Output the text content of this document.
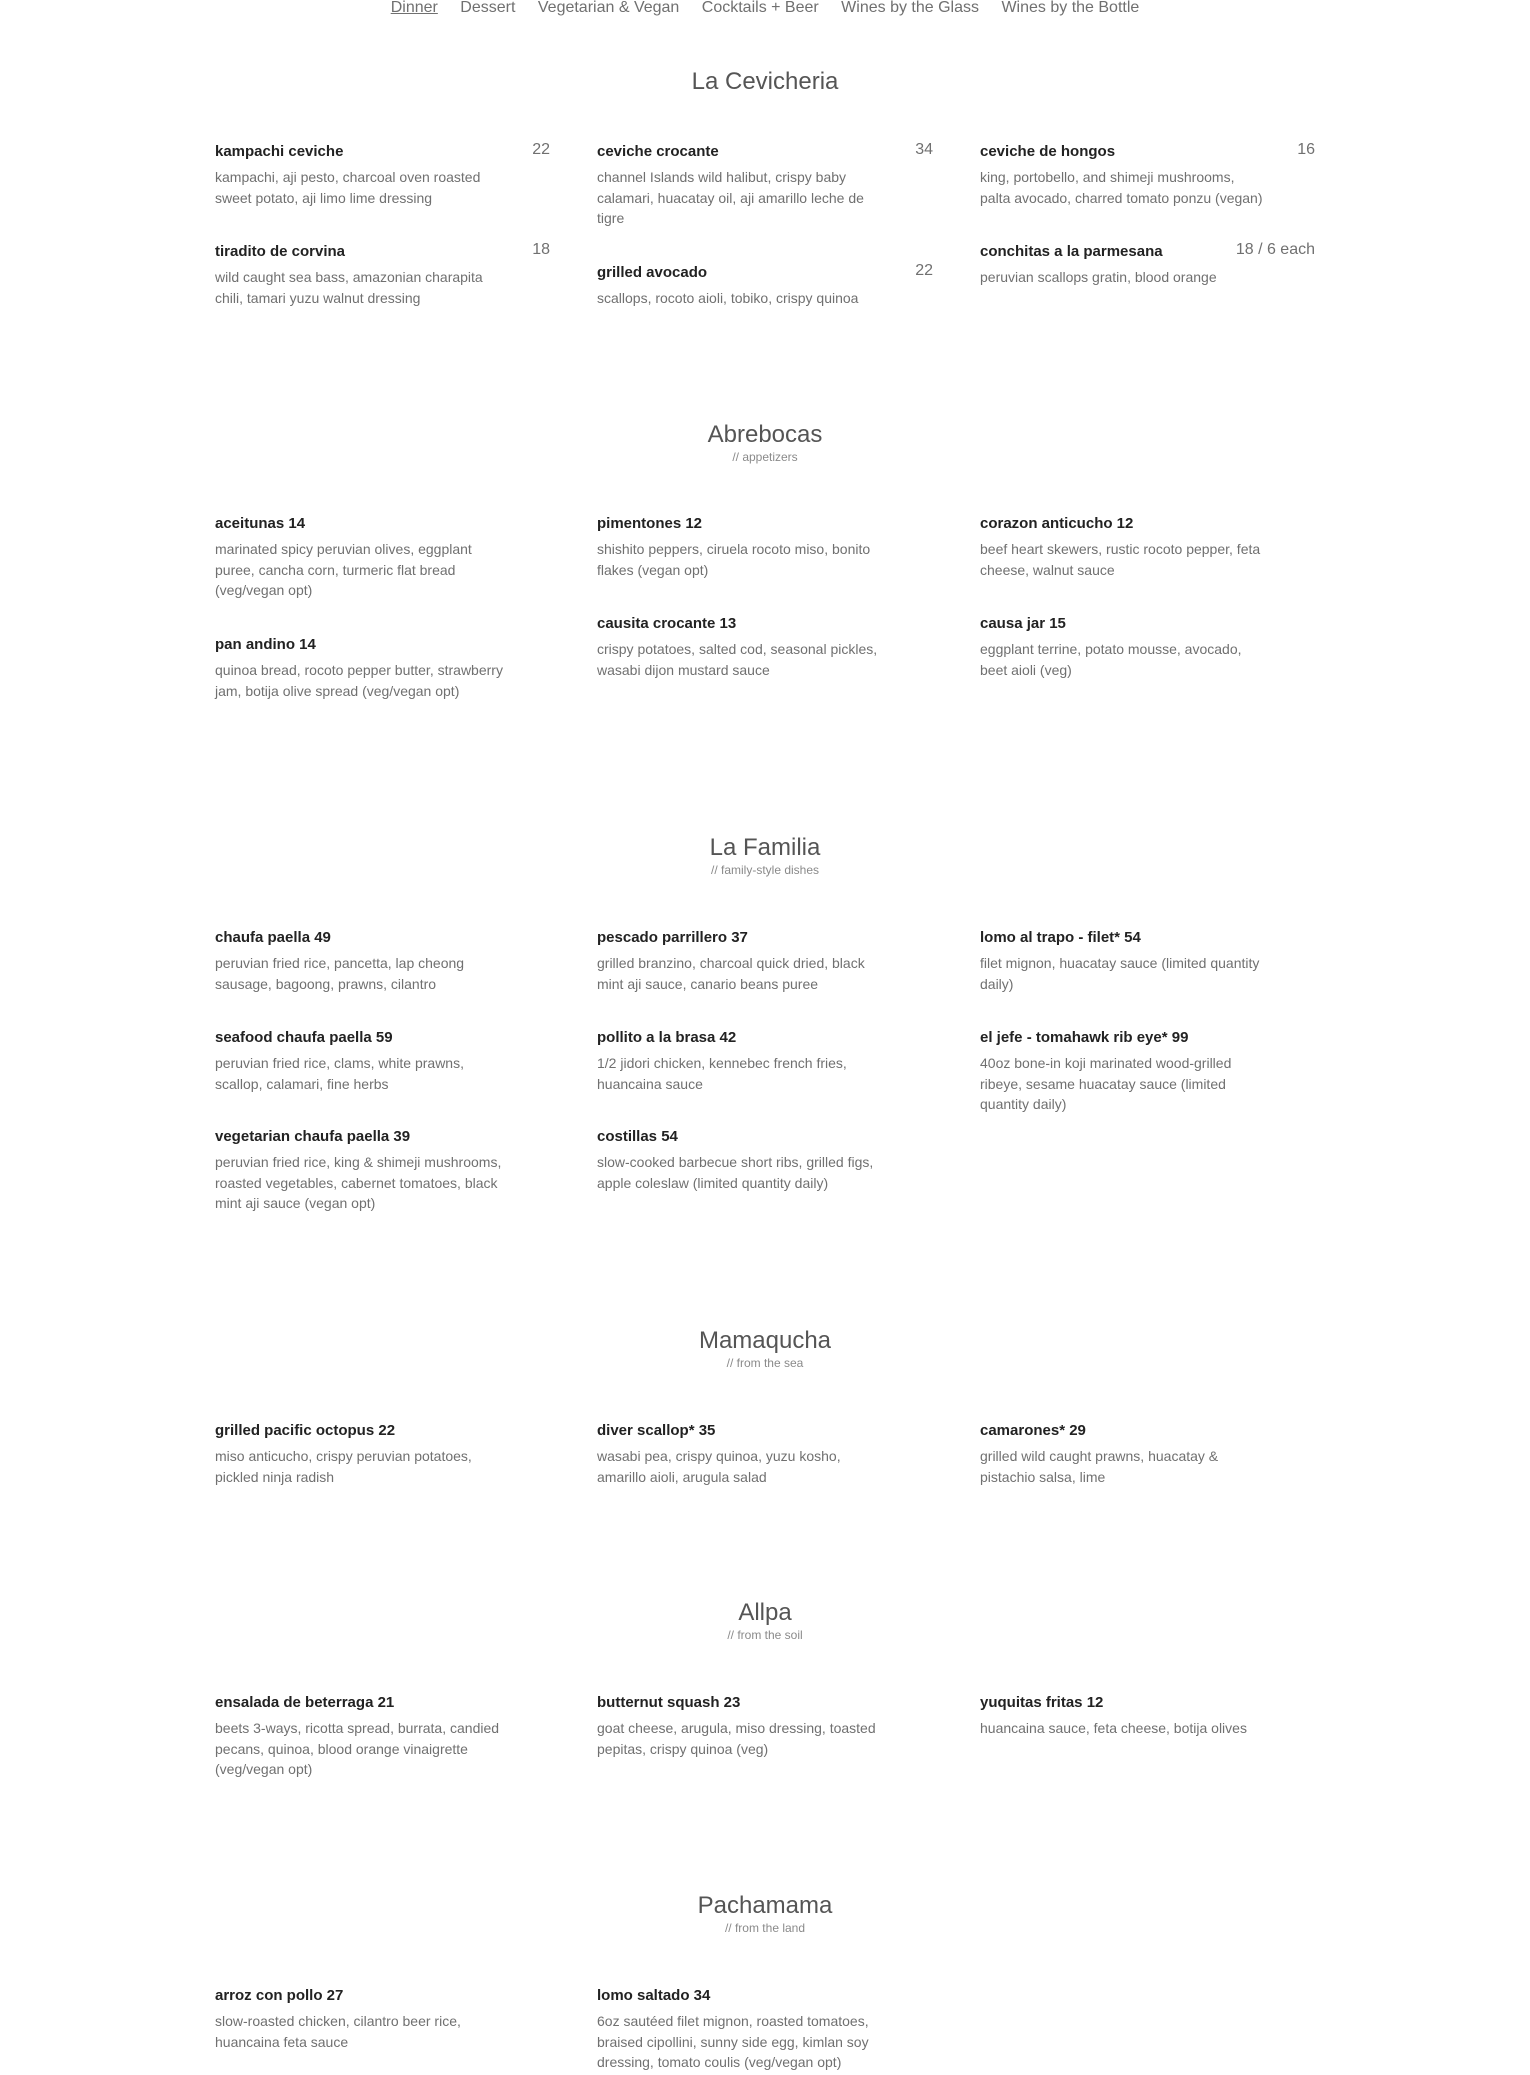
Dinner Dessert Vegetarian & Vegan Cocktails + Beer Wines by the Glass Wines by the Bottle
La Cevicheria
kampachi ceviche
kampachi, aji pesto, charcoal oven roasted sweet potato, aji limo lime dressing
22	ceviche crocante
channel Islands wild halibut, crispy baby calamari, huacatay oil, aji amarillo leche de tigre
34	ceviche de hongos
king, portobello, and shimeji mushrooms, palta avocado, charred tomato ponzu (vegan)
16
tiradito de corvina
wild caught sea bass, amazonian charapita chili, tamari yuzu walnut dressing
18
grilled avocado
scallops, rocoto aioli, tobiko, crispy quinoa
22
conchitas a la parmesana
peruvian scallops gratin, blood orange
18 / 6 each
Abrebocas
// appetizers
aceitunas 14
marinated spicy peruvian olives, eggplant puree, cancha corn, turmeric flat bread (veg/vegan opt)
pimentones 12
shishito peppers, ciruela rocoto miso, bonito flakes (vegan opt)
corazon anticucho 12
beef heart skewers, rustic rocoto pepper, feta cheese, walnut sauce
pan andino 14
quinoa bread, rocoto pepper butter, strawberry jam, botija olive spread (veg/vegan opt)
causita crocante 13
crispy potatoes, salted cod, seasonal pickles, wasabi dijon mustard sauce
causa jar 15
eggplant terrine, potato mousse, avocado, beet aioli (veg)
La Familia
// family-style dishes
chaufa paella 49
peruvian fried rice, pancetta, lap cheong sausage, bagoong, prawns, cilantro
pescado parrillero 37
grilled branzino, charcoal quick dried, black mint aji sauce, canario beans puree
lomo al trapo - filet* 54
filet mignon, huacatay sauce (limited quantity daily)
seafood chaufa paella 59
peruvian fried rice, clams, white prawns, scallop, calamari, fine herbs
pollito a la brasa 42
1/2 jidori chicken, kennebec french fries, huancaina sauce
el jefe - tomahawk rib eye* 99
40oz bone-in koji marinated wood-grilled ribeye, sesame huacatay sauce (limited quantity daily)
vegetarian chaufa paella 39
peruvian fried rice, king & shimeji mushrooms, roasted vegetables, cabernet tomatoes, black mint aji sauce (vegan opt)
costillas 54
slow-cooked barbecue short ribs, grilled figs, apple coleslaw (limited quantity daily)
Mamaqucha
// from the sea
grilled pacific octopus 22
miso anticucho, crispy peruvian potatoes, pickled ninja radish
diver scallop* 35
wasabi pea, crispy quinoa, yuzu kosho, amarillo aioli, arugula salad
camarones* 29
grilled wild caught prawns, huacatay & pistachio salsa, lime
Allpa
// from the soil
ensalada de beterraga 21
beets 3-ways, ricotta spread, burrata, candied pecans, quinoa, blood orange vinaigrette (veg/vegan opt)
butternut squash 23
goat cheese, arugula, miso dressing, toasted pepitas, crispy quinoa (veg)
yuquitas fritas 12
huancaina sauce, feta cheese, botija olives
Pachamama
// from the land
arroz con pollo 27
slow-roasted chicken, cilantro beer rice, huancaina feta sauce
lomo saltado 34
6oz sautéed filet mignon, roasted tomatoes, braised cipollini, sunny side egg, kimlan soy dressing, tomato coulis (veg/vegan opt)
